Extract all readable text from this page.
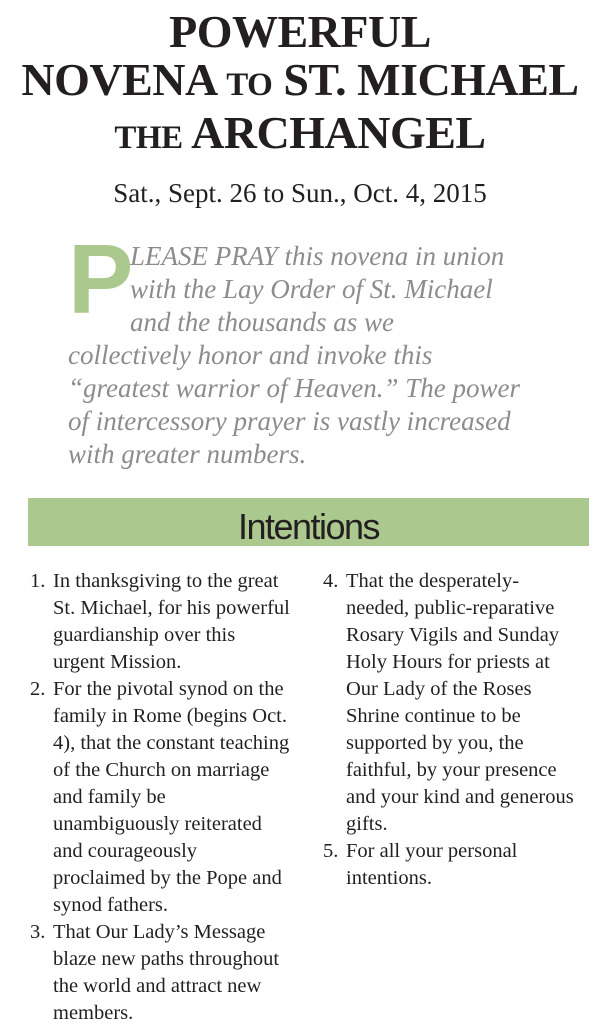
POWERFUL
NOVENA TO ST. MICHAEL
THE ARCHANGEL
Sat., Sept. 26 to Sun., Oct. 4, 2015

P
LEASE PRAY this novena in union with the Lay Order of St. Michael and the thousands as we collectively honor and invoke this “greatest warrior of Heaven.” The power of intercessory prayer is vastly increased with greater numbers.

Intentions
1. In thanksgiving to the great St. Michael, for his powerful guardianship over this urgent Mission.
2. For the pivotal synod on the family in Rome (begins Oct. 4), that the constant teaching of the Church on marriage and family be unambiguously reiterated and courageously proclaimed by the Pope and synod fathers.
3. That Our Lady’s Message blaze new paths throughout the world and attract new members.
4. That the desperately-needed, public-reparative Rosary Vigils and Sunday Holy Hours for priests at Our Lady of the Roses Shrine continue to be supported by you, the faithful, by your presence and your kind and generous gifts.
5. For all your personal intentions.
